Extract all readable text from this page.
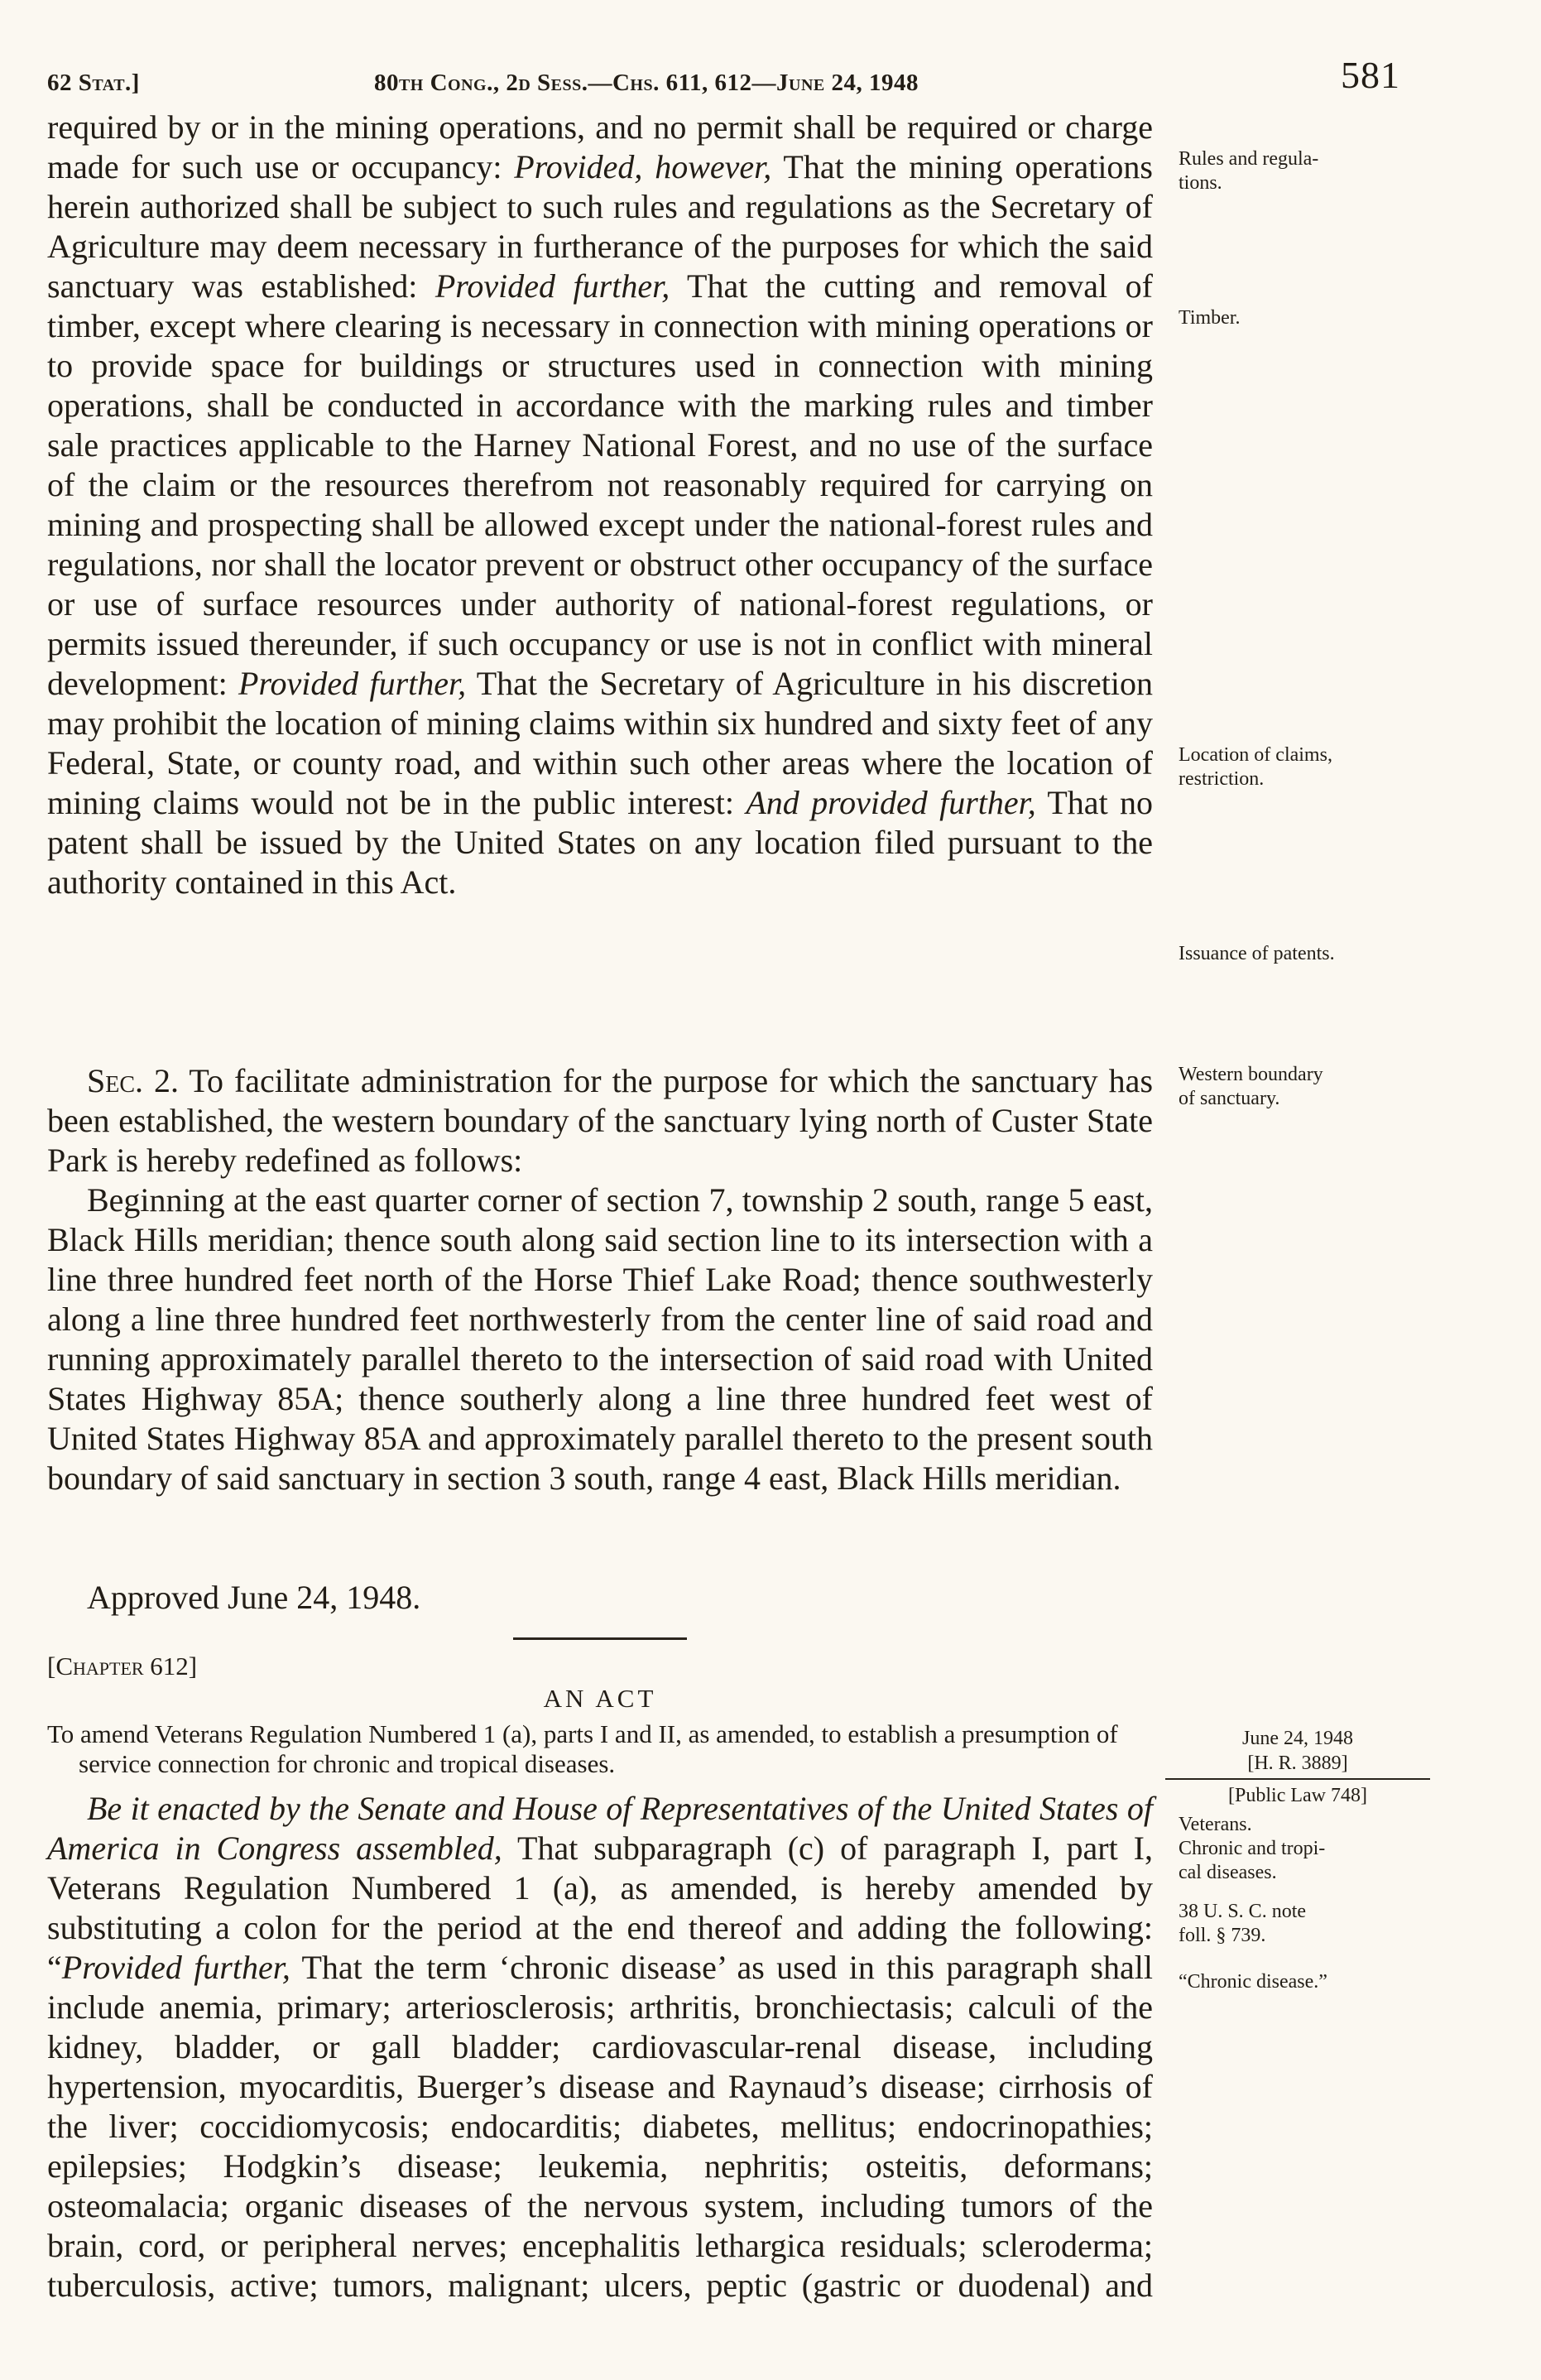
62 Stat.]	80th Cong., 2d Sess.—Chs. 611, 612—June 24, 1948	581

required by or in the mining operations, and no permit shall be required or charge made for such use or occupancy: Provided, however, That the mining operations herein authorized shall be subject to such rules and regulations as the Secretary of Agriculture may deem necessary in furtherance of the purposes for which the said sanctuary was established: Provided further, That the cutting and removal of timber, except where clearing is necessary in connection with mining operations or to provide space for buildings or structures used in connection with mining operations, shall be conducted in accordance with the marking rules and timber sale practices applicable to the Harney National Forest, and no use of the surface of the claim or the resources therefrom not reasonably required for carrying on mining and prospecting shall be allowed except under the national-forest rules and regulations, nor shall the locator prevent or obstruct other occupancy of the surface or use of surface resources under authority of national-forest regulations, or permits issued thereunder, if such occupancy or use is not in conflict with mineral development: Provided further, That the Secretary of Agriculture in his discretion may prohibit the location of mining claims within six hundred and sixty feet of any Federal, State, or county road, and within such other areas where the location of mining claims would not be in the public interest: And provided further, That no patent shall be issued by the United States on any location filed pursuant to the authority contained in this Act.

Sec. 2. To facilitate administration for the purpose for which the sanctuary has been established, the western boundary of the sanctuary lying north of Custer State Park is hereby redefined as follows:

Beginning at the east quarter corner of section 7, township 2 south, range 5 east, Black Hills meridian; thence south along said section line to its intersection with a line three hundred feet north of the Horse Thief Lake Road; thence southwesterly along a line three hundred feet northwesterly from the center line of said road and running approximately parallel thereto to the intersection of said road with United States Highway 85A; thence southerly along a line three hundred feet west of United States Highway 85A and approximately parallel thereto to the present south boundary of said sanctuary in section 3 south, range 4 east, Black Hills meridian.

Approved June 24, 1948.

[Chapter 612]
AN ACT
To amend Veterans Regulation Numbered 1 (a), parts I and II, as amended, to establish a presumption of service connection for chronic and tropical diseases.

Be it enacted by the Senate and House of Representatives of the United States of America in Congress assembled, That subparagraph (c) of paragraph I, part I, Veterans Regulation Numbered 1 (a), as amended, is hereby amended by substituting a colon for the period at the end thereof and adding the following: “Provided further, That the term ‘chronic disease’ as used in this paragraph shall include anemia, primary; arteriosclerosis; arthritis, bronchiectasis; calculi of the kidney, bladder, or gall bladder; cardiovascular-renal disease, including hypertension, myocarditis, Buerger’s disease and Raynaud’s disease; cirrhosis of the liver; coccidiomycosis; endocarditis; diabetes, mellitus; endocrinopathies; epilepsies; Hodgkin’s disease; leukemia, nephritis; osteitis, deformans; osteomalacia; organic diseases of the nervous system, including tumors of the brain, cord, or peripheral nerves; encephalitis lethargica residuals; scleroderma; tuberculosis, active; tumors, malignant; ulcers, peptic (gastric or duodenal) and

Rules and regula-
tions.
Timber.
Location of claims,
restriction.
Issuance of patents.
Western boundary
of sanctuary.
June 24, 1948
[H. R. 3889]
[Public Law 748]
Veterans.
Chronic and tropi-
cal diseases.
38 U. S. C. note
foll. § 739.
“Chronic disease.”
